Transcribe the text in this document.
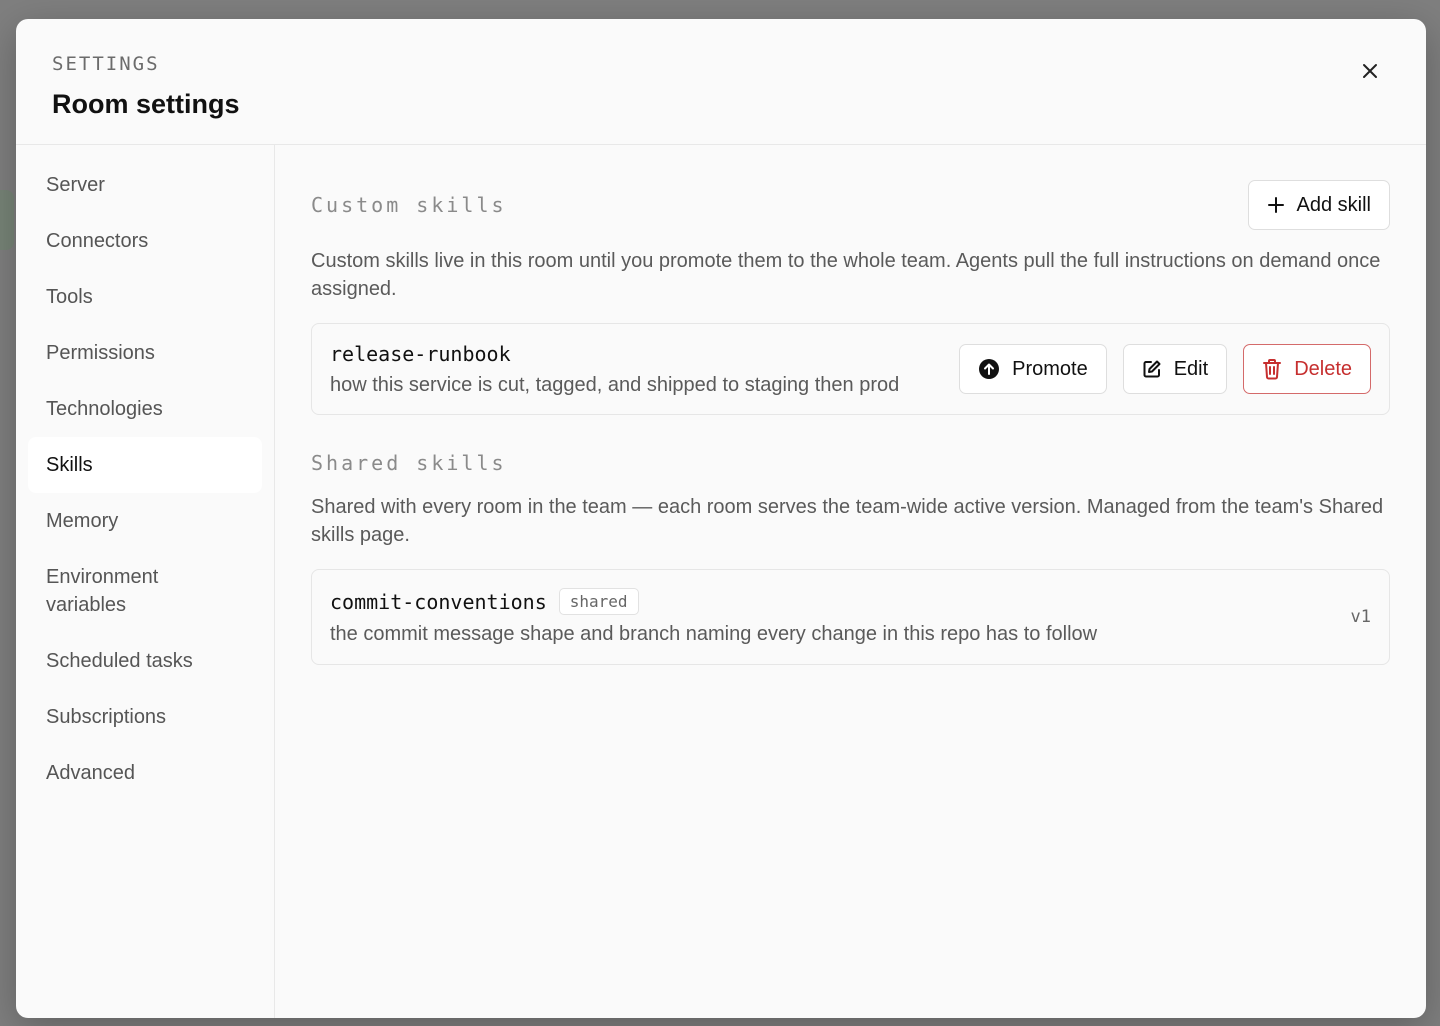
SETTINGS
Room settings
Server
Connectors
Tools
Permissions
Technologies
Skills
Memory
Environment variables
Scheduled tasks
Subscriptions
Advanced
Custom skills	Add skill

Custom skills live in this room until you promote them to the whole team. Agents pull the full instructions on demand once assigned.

release-runbook
how this service is cut, tagged, and shipped to staging then prod
Promote	Edit	Delete
Shared skills

Shared with every room in the team — each room serves the team-wide active version. Managed from the team's Shared skills page.

commit-conventions shared
the commit message shape and branch naming every change in this repo has to follow
v1
